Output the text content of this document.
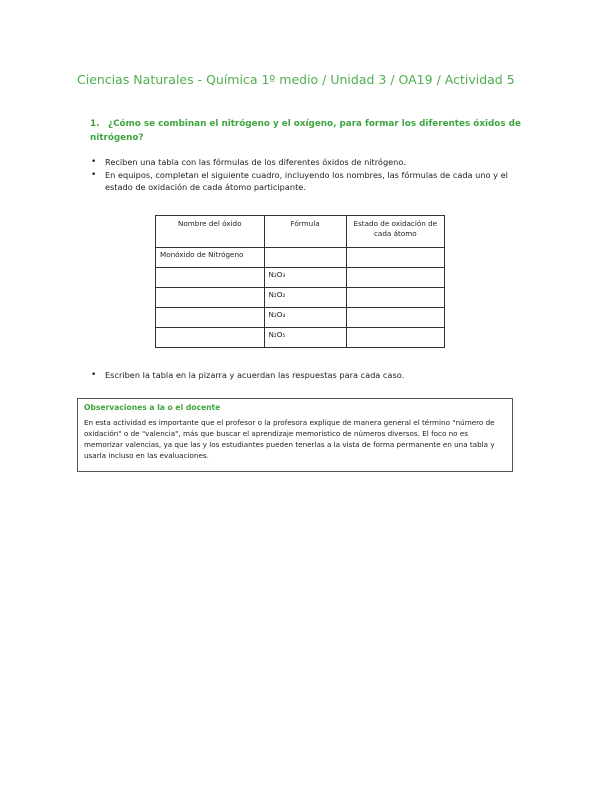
Ciencias Naturales - Química 1º medio / Unidad 3 / OA19 / Actividad 5
1. ¿Cómo se combinan el nitrógeno y el oxígeno, para formar los diferentes óxidos de nitrógeno?
• Reciben una tabla con las fórmulas de los diferentes óxidos de nitrógeno.
• En equipos, completan el siguiente cuadro, incluyendo los nombres, las fórmulas de cada uno y el estado de oxidación de cada átomo participante.
Nombre del óxido	Fórmula	Estado de oxidación de cada átomo
Monóxido de Nitrógeno		
	N₂O₃	
	N₂O₂	
	N₂O₄	
	N₂O₅	
• Escriben la tabla en la pizarra y acuerdan las respuestas para cada caso.
Observaciones a la o el docente
En esta actividad es importante que el profesor o la profesora explique de manera general el término "número de oxidación" o de "valencia", más que buscar el aprendizaje memorístico de números diversos. El foco no es memorizar valencias, ya que las y los estudiantes pueden tenerlas a la vista de forma permanente en una tabla y usarla incluso en las evaluaciones.
